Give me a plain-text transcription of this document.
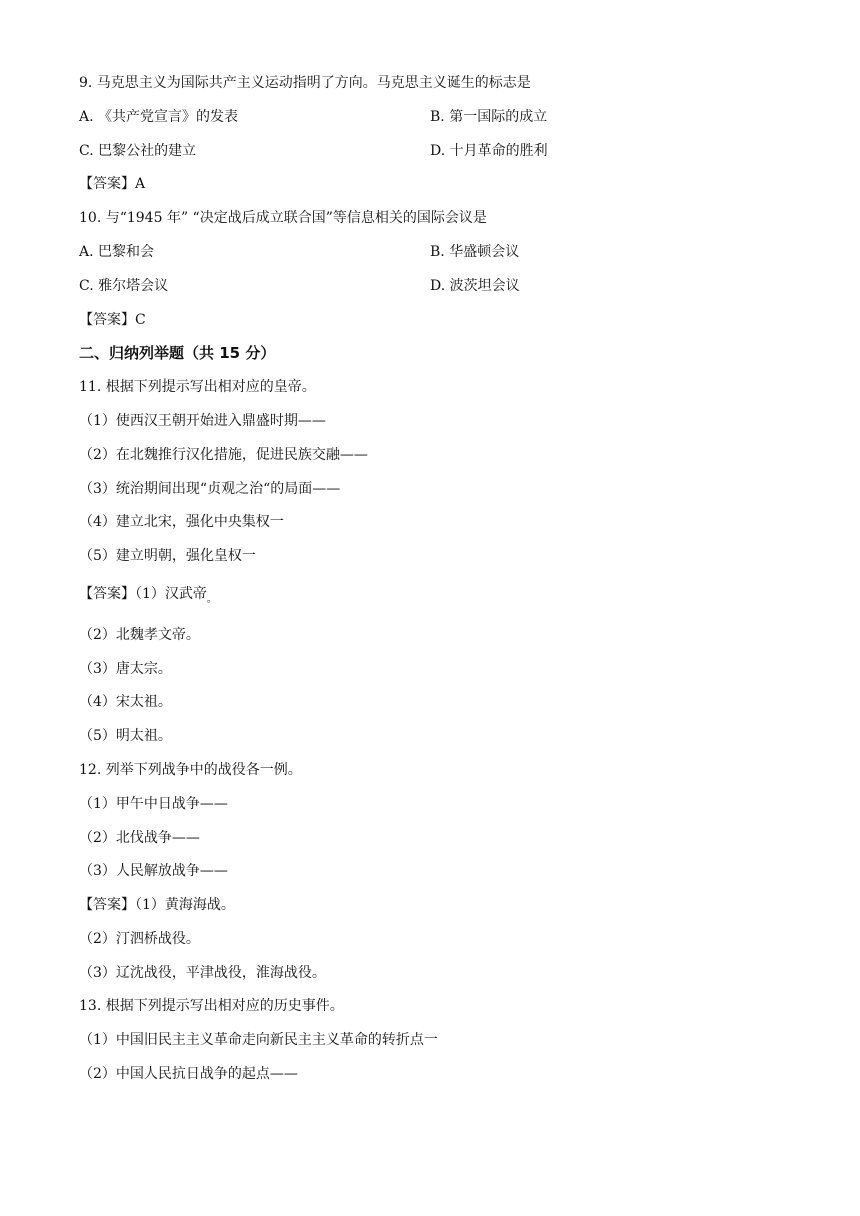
9. 马克思主义为国际共产主义运动指明了方向。马克思主义诞生的标志是
A. 《共产党宣言》的发表	B. 第一国际的成立
C. 巴黎公社的建立	D. 十月革命的胜利
【答案】A
10. 与“1945 年” “决定战后成立联合国”等信息相关的国际会议是
A. 巴黎和会	B. 华盛顿会议
C. 雅尔塔会议	D. 波茨坦会议
【答案】C
二、归纳列举题（共 15 分）
11. 根据下列提示写出相对应的皇帝。
（1）使西汉王朝开始进入鼎盛时期——
（2）在北魏推行汉化措施，促进民族交融——
（3）统治期间出现“贞观之治“的局面——
（4）建立北宋，强化中央集权一
（5）建立明朝，强化皇权一
【答案】（1）汉武帝$_。$
（2）北魏孝文帝。
（3）唐太宗。
（4）宋太祖。
（5）明太祖。
12. 列举下列战争中的战役各一例。
（1）甲午中日战争——
（2）北伐战争——
（3）人民解放战争——
【答案】（1）黄海海战。
（2）汀泗桥战役。
（3）辽沈战役，平津战役，淮海战役。
13. 根据下列提示写出相对应的历史事件。
（1）中国旧民主主义革命走向新民主主义革命的转折点一
（2）中国人民抗日战争的起点——
